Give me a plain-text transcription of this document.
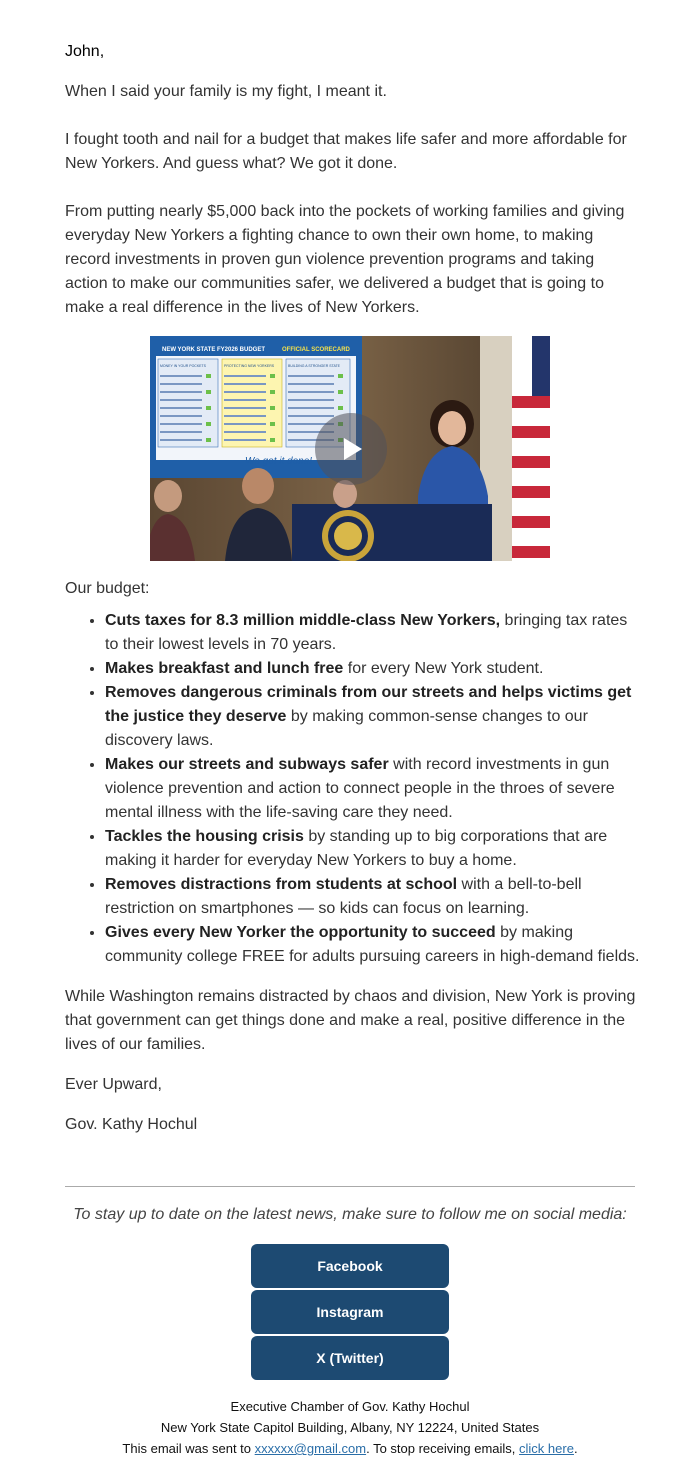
John,

When I said your family is my fight, I meant it.

I fought tooth and nail for a budget that makes life safer and more affordable for New Yorkers. And guess what? We got it done.

From putting nearly $5,000 back into the pockets of working families and giving everyday New Yorkers a fighting chance to own their own home, to making record investments in proven gun violence prevention programs and taking action to make our communities safer, we delivered a budget that is going to make a real difference in the lives of New Yorkers.

NEW YORK STATE FY2026 BUDGET	OFFICIAL SCORECARD
MONEY IN YOUR POCKETS	PROTECTING NEW YORKERS	BUILDING A STRONGER STATE
We got it done!

Our budget:

• Cuts taxes for 8.3 million middle-class New Yorkers, bringing tax rates to their lowest levels in 70 years.
• Makes breakfast and lunch free for every New York student.
• Removes dangerous criminals from our streets and helps victims get the justice they deserve by making common-sense changes to our discovery laws.
• Makes our streets and subways safer with record investments in gun violence prevention and action to connect people in the throes of severe mental illness with the life-saving care they need.
• Tackles the housing crisis by standing up to big corporations that are making it harder for everyday New Yorkers to buy a home.
• Removes distractions from students at school with a bell-to-bell restriction on smartphones — so kids can focus on learning.
• Gives every New Yorker the opportunity to succeed by making community college FREE for adults pursuing careers in high-demand fields.

While Washington remains distracted by chaos and division, New York is proving that government can get things done and make a real, positive difference in the lives of our families.

Ever Upward,

Gov. Kathy Hochul

To stay up to date on the latest news, make sure to follow me on social media:

Facebook
Instagram
X (Twitter)
Executive Chamber of Gov. Kathy Hochul
New York State Capitol Building, Albany, NY 12224, United States
This email was sent to xxxxxx@gmail.com. To stop receiving emails, click here.
